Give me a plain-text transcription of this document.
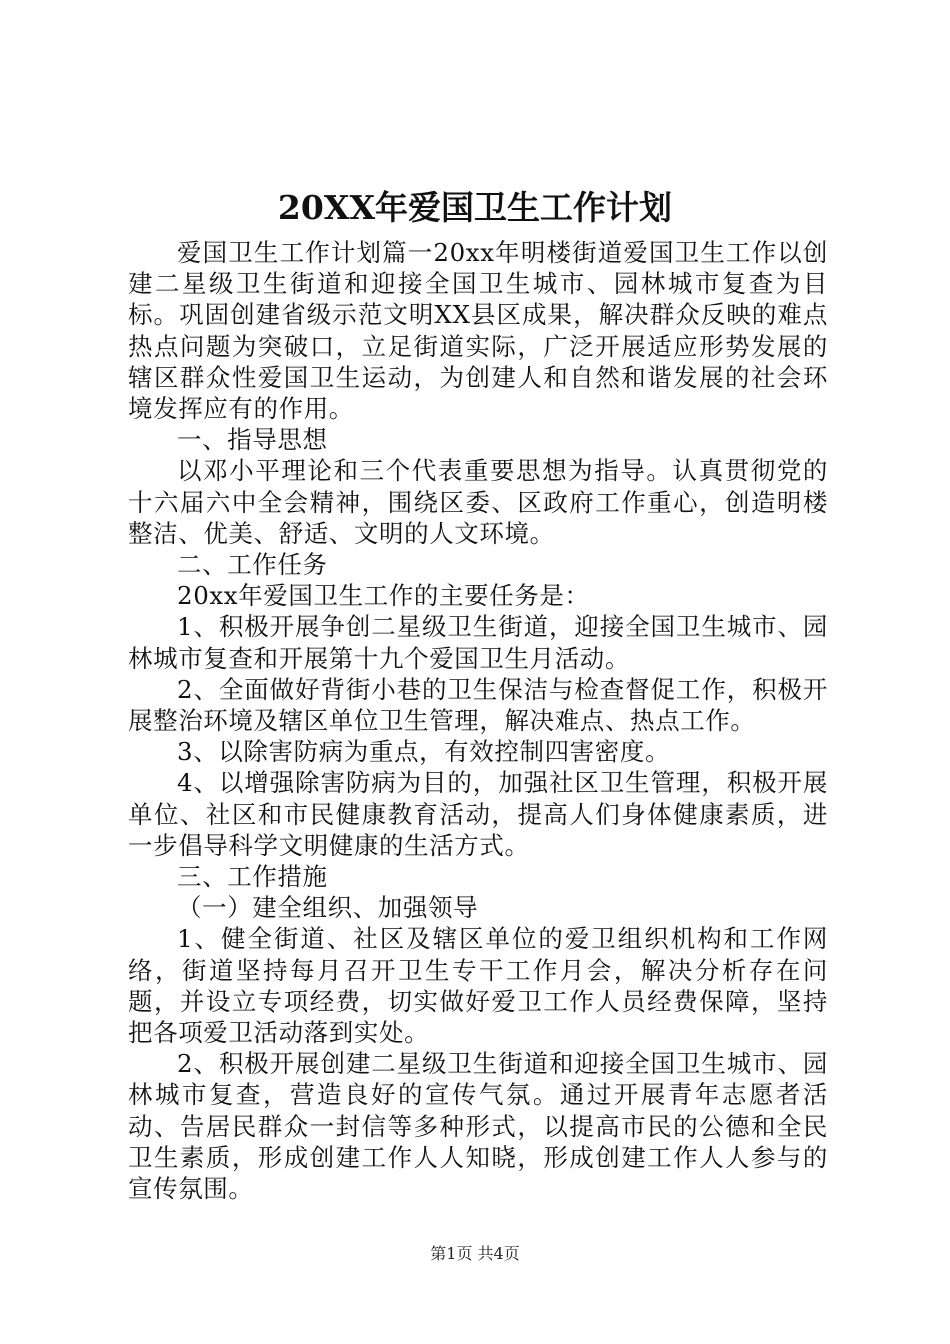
20XX年爱国卫生工作计划

爱国卫生工作计划篇一20xx年明楼街道爱国卫生工作以创建二星级卫生街道和迎接全国卫生城市、园林城市复查为目标。巩固创建省级示范文明XX县区成果，解决群众反映的难点热点问题为突破口，立足街道实际，广泛开展适应形势发展的辖区群众性爱国卫生运动，为创建人和自然和谐发展的社会环境发挥应有的作用。

一、指导思想

以邓小平理论和三个代表重要思想为指导。认真贯彻党的十六届六中全会精神，围绕区委、区政府工作重心，创造明楼整洁、优美、舒适、文明的人文环境。

二、工作任务

20xx年爱国卫生工作的主要任务是：

1、积极开展争创二星级卫生街道，迎接全国卫生城市、园林城市复查和开展第十九个爱国卫生月活动。

2、全面做好背街小巷的卫生保洁与检查督促工作，积极开展整治环境及辖区单位卫生管理，解决难点、热点工作。

3、以除害防病为重点，有效控制四害密度。

4、以增强除害防病为目的，加强社区卫生管理，积极开展单位、社区和市民健康教育活动，提高人们身体健康素质，进一步倡导科学文明健康的生活方式。

三、工作措施

（一）建全组织、加强领导

1、健全街道、社区及辖区单位的爱卫组织机构和工作网络，街道坚持每月召开卫生专干工作月会，解决分析存在问题，并设立专项经费，切实做好爱卫工作人员经费保障，坚持把各项爱卫活动落到实处。

2、积极开展创建二星级卫生街道和迎接全国卫生城市、园林城市复查，营造良好的宣传气氛。通过开展青年志愿者活动、告居民群众一封信等多种形式，以提高市民的公德和全民卫生素质，形成创建工作人人知晓，形成创建工作人人参与的宣传氛围。

第1页 共4页
